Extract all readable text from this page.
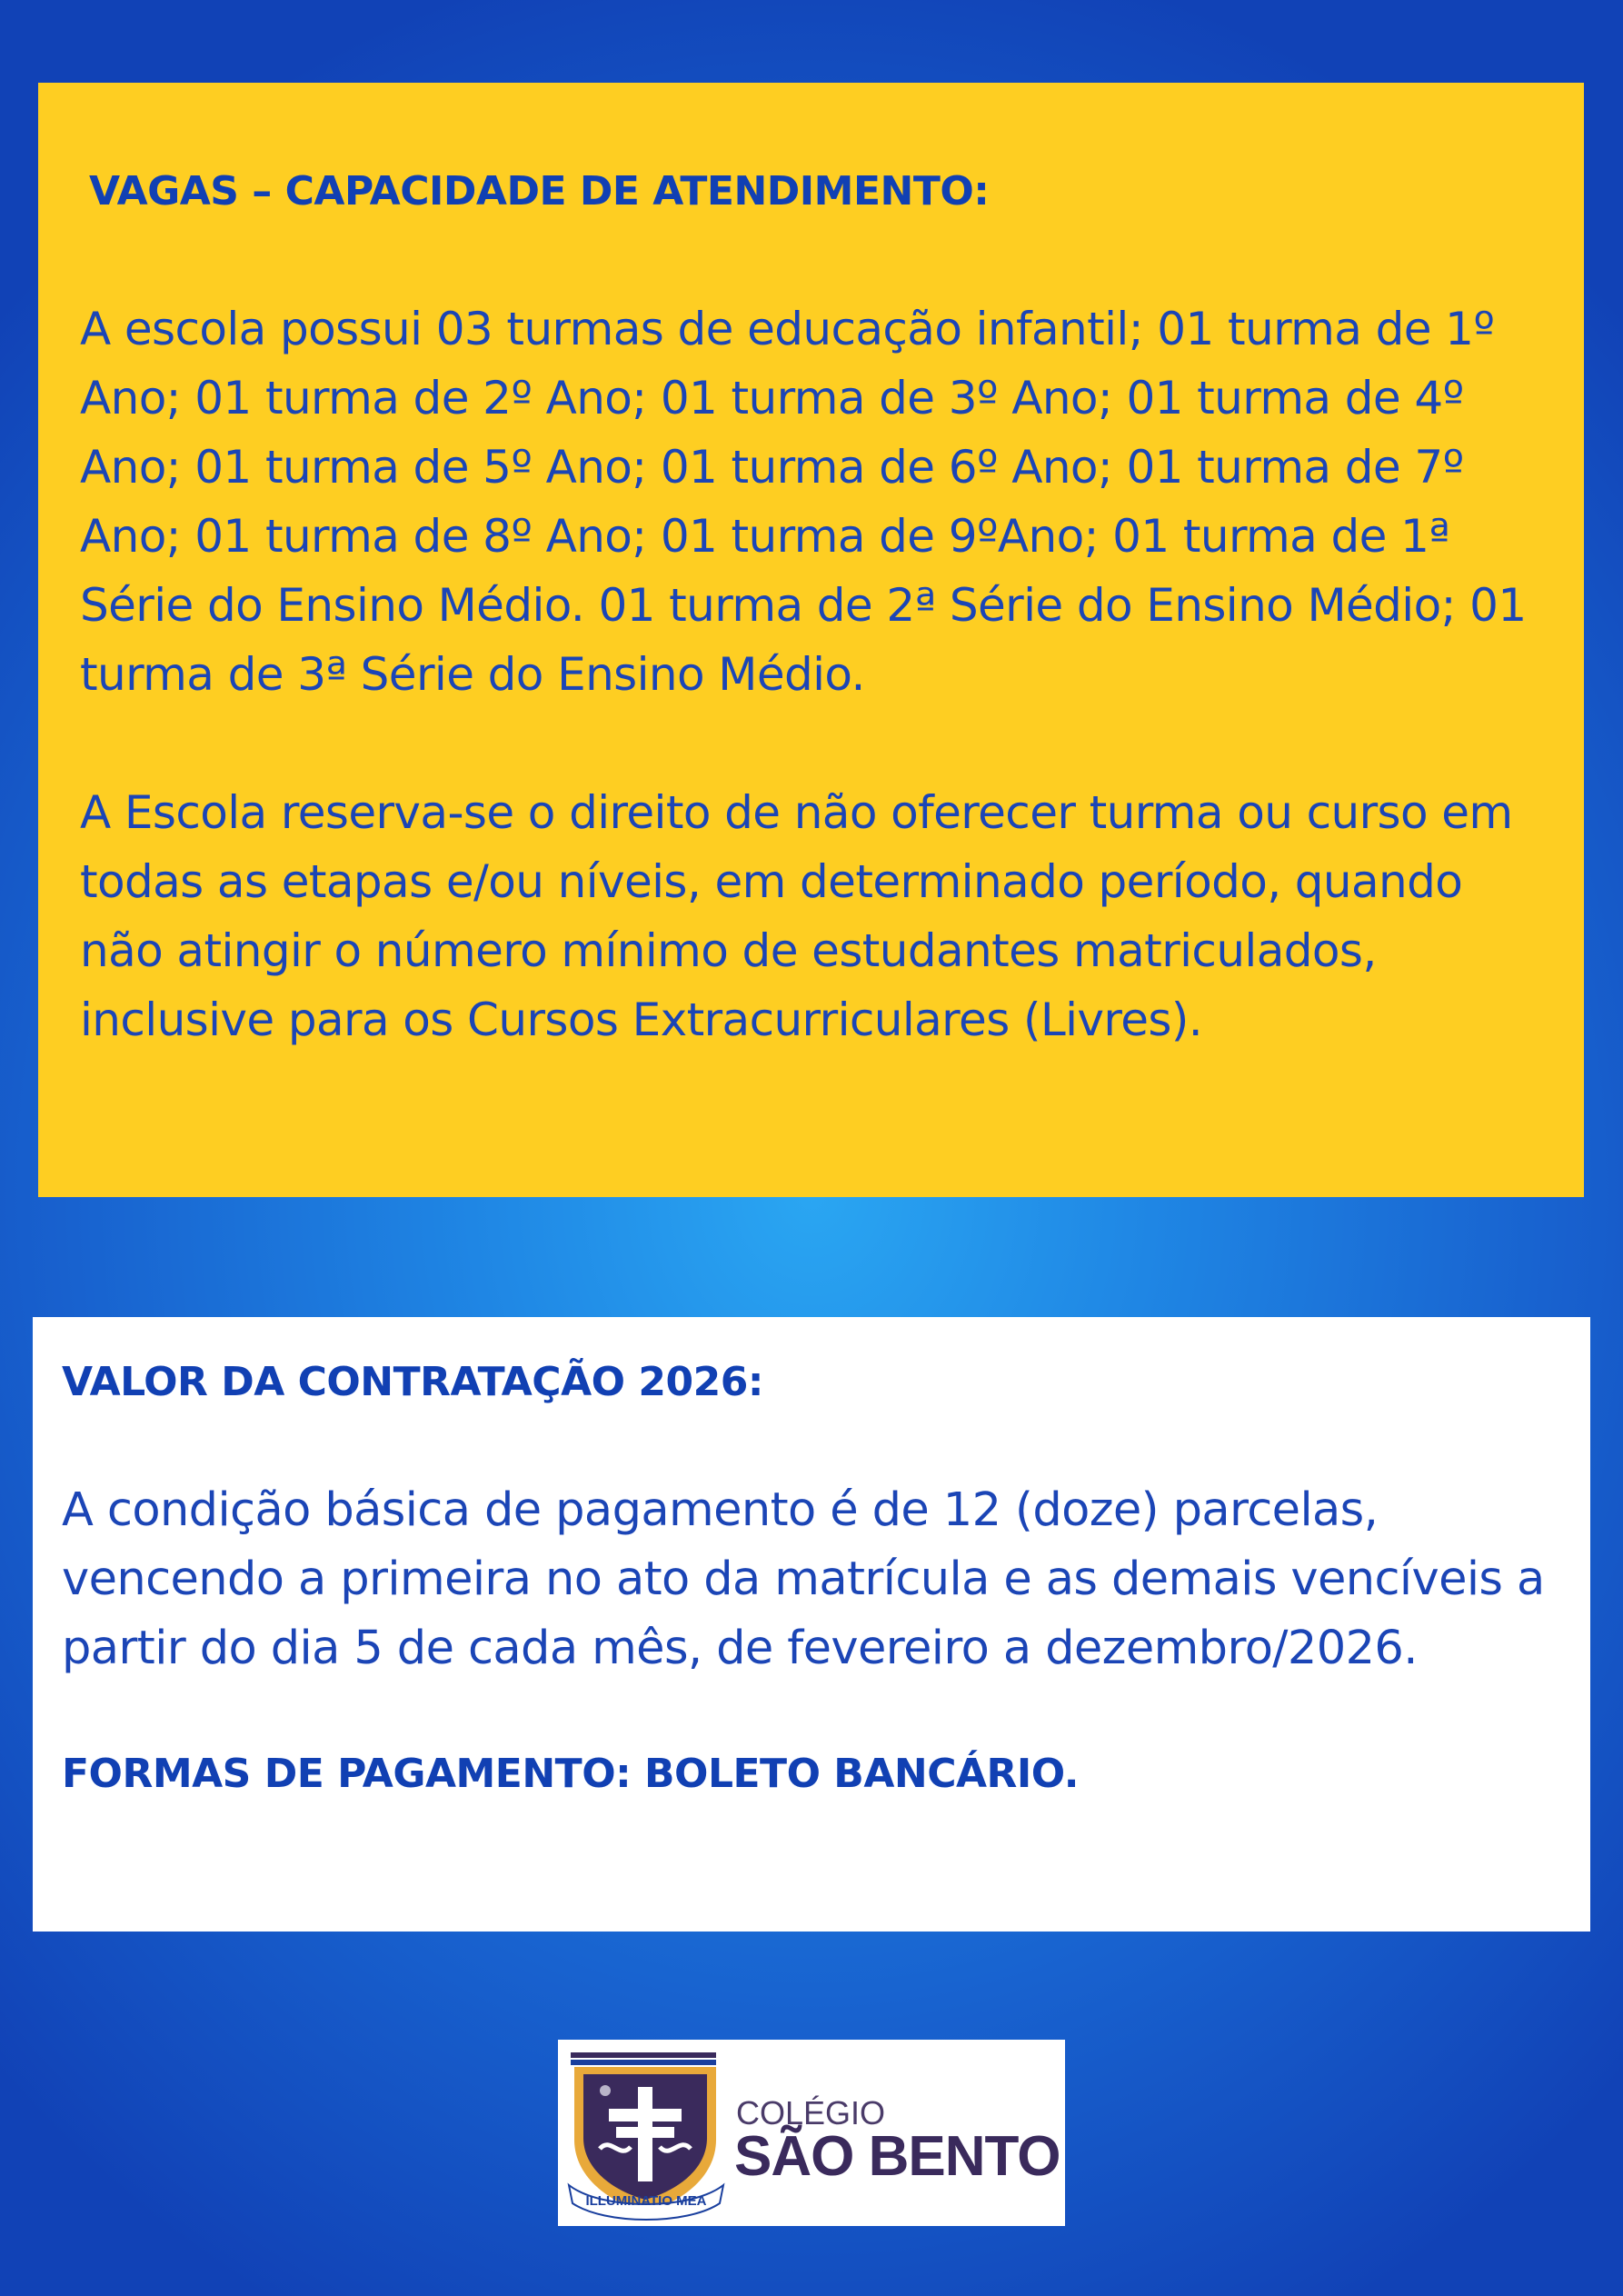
VAGAS – CAPACIDADE DE ATENDIMENTO:

A escola possui 03 turmas de educação infantil; 01 turma de 1º Ano; 01 turma de 2º Ano; 01 turma de 3º Ano; 01 turma de 4º Ano; 01 turma de 5º Ano; 01 turma de 6º Ano; 01 turma de 7º Ano; 01 turma de 8º Ano; 01 turma de 9ºAno; 01 turma de 1ª Série do Ensino Médio. 01 turma de 2ª Série do Ensino Médio; 01 turma de 3ª Série do Ensino Médio.

A Escola reserva-se o direito de não oferecer turma ou curso em todas as etapas e/ou níveis, em determinado período, quando não atingir o número mínimo de estudantes matriculados, inclusive para os Cursos Extracurriculares (Livres).

VALOR DA CONTRATAÇÃO 2026:

A condição básica de pagamento é de 12 (doze) parcelas, vencendo a primeira no ato da matrícula e as demais vencíveis a partir do dia 5 de cada mês, de fevereiro a dezembro/2026.

FORMAS DE PAGAMENTO: BOLETO BANCÁRIO.
ILLUMINATIO MEA
COLÉGIO
SÃO BENTO
